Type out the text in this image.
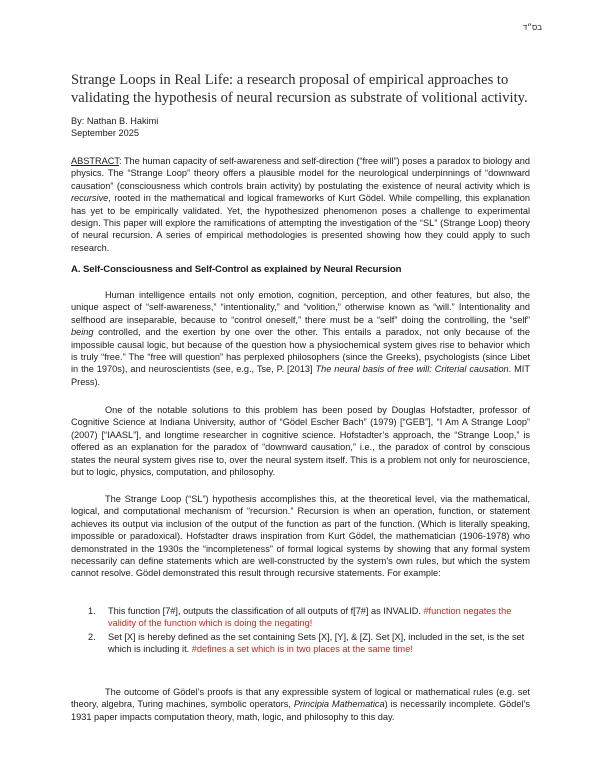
בס״ד
Strange Loops in Real Life: a research proposal of empirical approaches to validating the hypothesis of neural recursion as substrate of volitional activity.
By: Nathan B. Hakimi
September 2025
ABSTRACT: The human capacity of self-awareness and self-direction (“free will”) poses a paradox to biology and physics. The “Strange Loop” theory offers a plausible model for the neurological underpinnings of “downward causation” (consciousness which controls brain activity) by postulating the existence of neural activity which is recursive, rooted in the mathematical and logical frameworks of Kurt Gödel. While compelling, this explanation has yet to be empirically validated. Yet, the hypothesized phenomenon poses a challenge to experimental design. This paper will explore the ramifications of attempting the investigation of the “SL” (Strange Loop) theory of neural recursion. A series of empirical methodologies is presented showing how they could apply to such research.
A. Self-Consciousness and Self-Control as explained by Neural Recursion
Human intelligence entails not only emotion, cognition, perception, and other features, but also, the unique aspect of “self-awareness,” “intentionality,” and “volition,” otherwise known as “will.” Intentionality and selfhood are inseparable, because to “control oneself,” there must be a “self” doing the controlling, the “self” being controlled, and the exertion by one over the other. This entails a paradox, not only because of the impossible causal logic, but because of the question how a physiochemical system gives rise to behavior which is truly “free.” The “free will question” has perplexed philosophers (since the Greeks), psychologists (since Libet in the 1970s), and neuroscientists (see, e.g., Tse, P. [2013] The neural basis of free will: Criterial causation. MIT Press).
One of the notable solutions to this problem has been posed by Douglas Hofstadter, professor of Cognitive Science at Indiana University, author of “Gödel Escher Bach” (1979) [“GEB”], “I Am A Strange Loop” (2007) [“IAASL”], and longtime researcher in cognitive science. Hofstadter’s approach, the “Strange Loop,” is offered as an explanation for the paradox of “downward causation,” i.e., the paradox of control by conscious states the neural system gives rise to, over the neural system itself. This is a problem not only for neuroscience, but to logic, physics, computation, and philosophy.
The Strange Loop (“SL”) hypothesis accomplishes this, at the theoretical level, via the mathematical, logical, and computational mechanism of “recursion.” Recursion is when an operation, function, or statement achieves its output via inclusion of the output of the function as part of the function. (Which is literally speaking, impossible or paradoxical). Hofstadter draws inspiration from Kurt Gödel, the mathematician (1906-1978) who demonstrated in the 1930s the “incompleteness” of formal logical systems by showing that any formal system necessarily can define statements which are well-constructed by the system’s own rules, but which the system cannot resolve. Gödel demonstrated this result through recursive statements. For example:
1. This function [7#], outputs the classification of all outputs of f[7#] as INVALID. #function negates the validity of the function which is doing the negating!
2. Set [X] is hereby defined as the set containing Sets [X], [Y], & [Z]. Set [X], included in the set, is the set which is including it. #defines a set which is in two places at the same time!
The outcome of Gödel’s proofs is that any expressible system of logical or mathematical rules (e.g. set theory, algebra, Turing machines, symbolic operators, Principia Mathematica) is necessarily incomplete. Gödel’s 1931 paper impacts computation theory, math, logic, and philosophy to this day.
